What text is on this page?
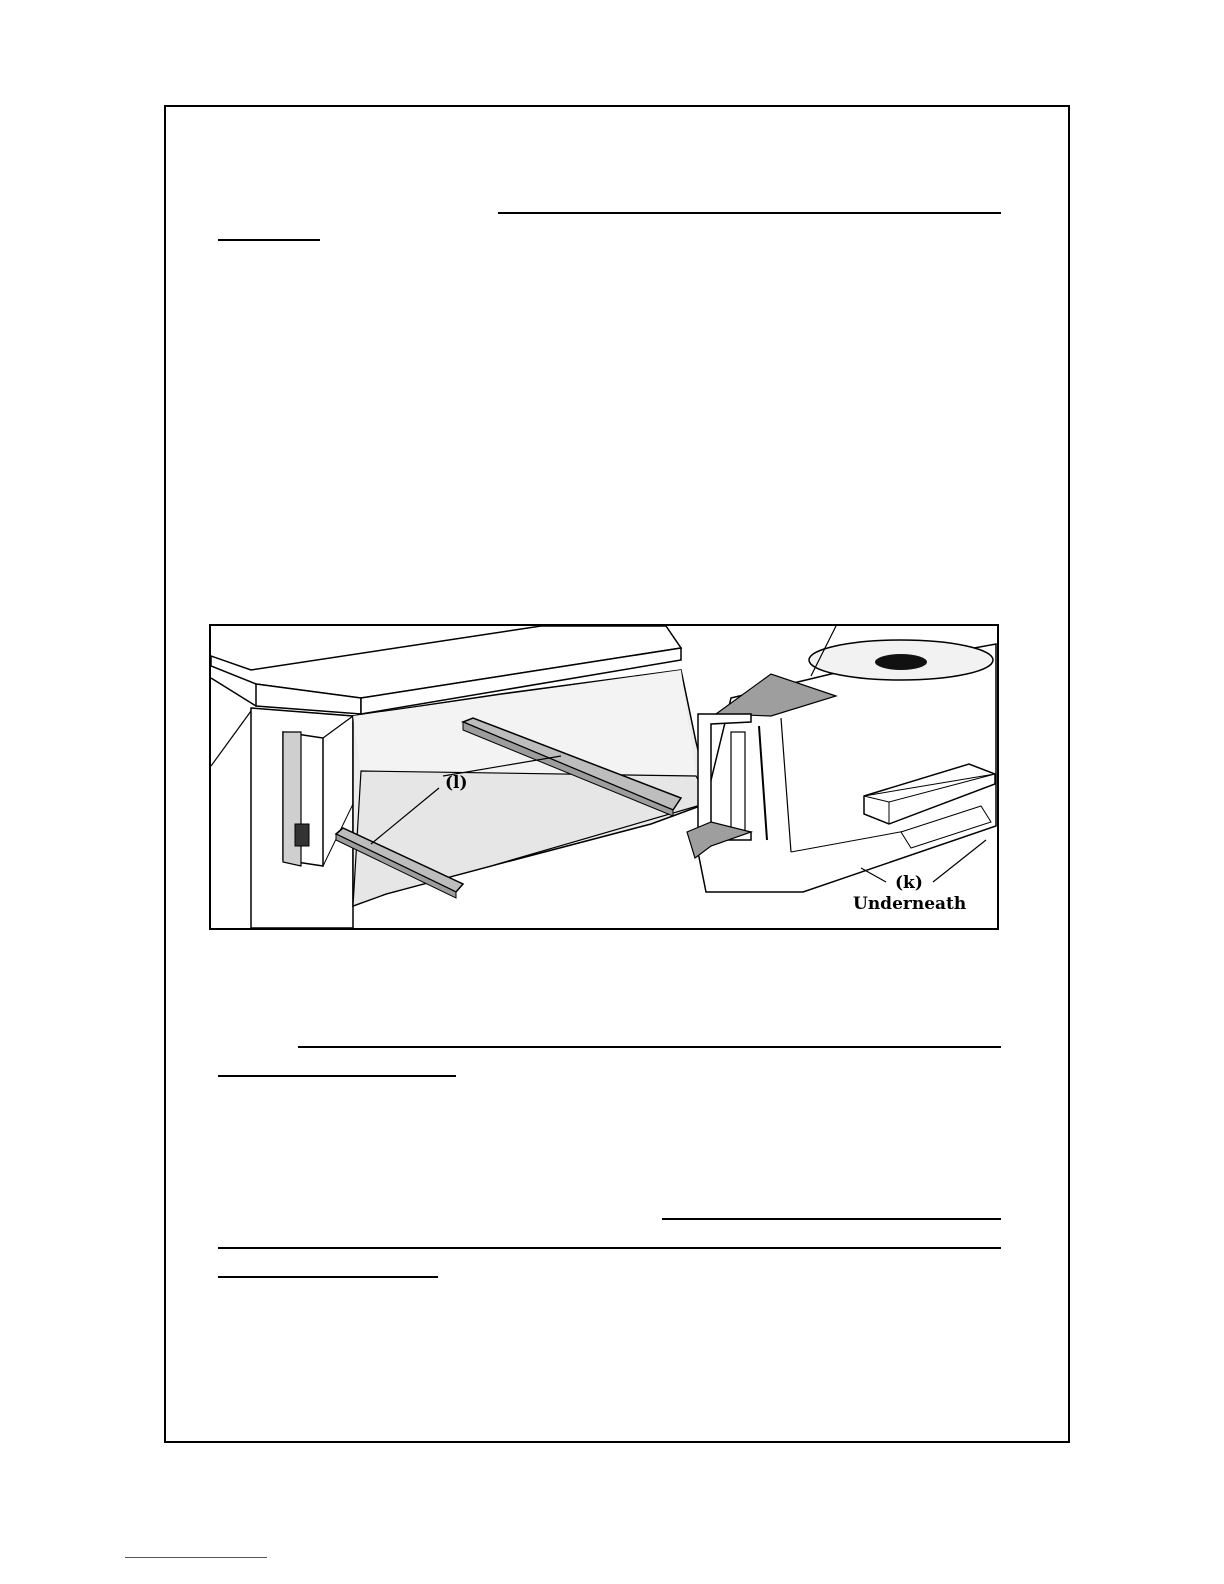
(l)
(k)
Underneath
